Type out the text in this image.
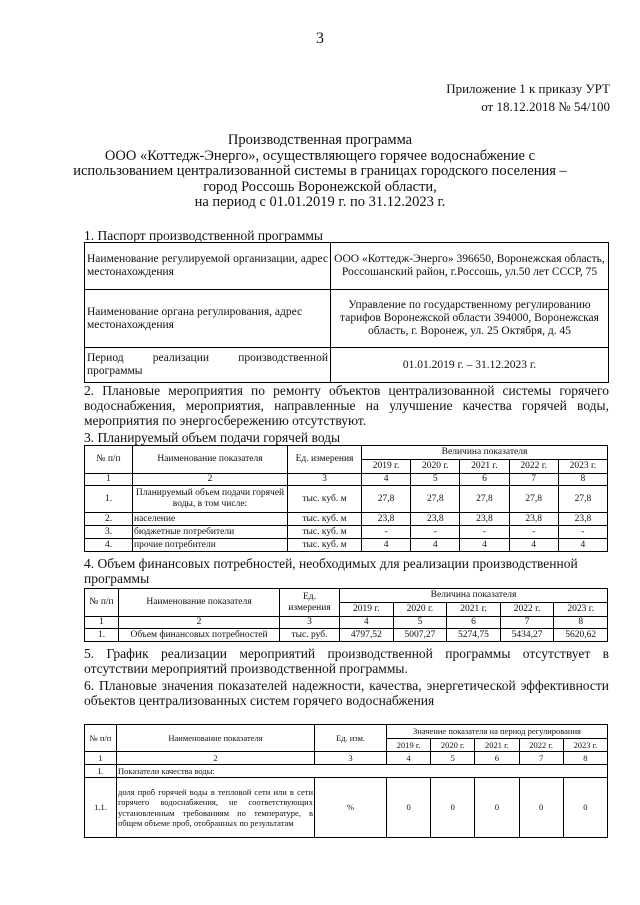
3
Приложение 1 к приказу УРТ
от 18.12.2018 № 54/100
Производственная программа
ООО «Коттедж-Энерго», осуществляющего горячее водоснабжение с
использованием централизованной системы в границах городского поселения –
город Россошь Воронежской области,
на период с 01.01.2019 г. по 31.12.2023 г.
1. Паспорт производственной программы
Наименование регулируемой организации, адрес местонахождения	ООО «Коттедж-Энерго» 396650, Воронежская область, Россошанский район, г.Россошь, ул.50 лет СССР, 75
Наименование органа регулирования, адрес местонахождения	Управление по государственному регулированию тарифов Воронежской области 394000, Воронежская область, г. Воронеж, ул. 25 Октября, д. 45
Период реализации производственной программы	01.01.2019 г. – 31.12.2023 г.
2. Плановые мероприятия по ремонту объектов централизованной системы горячего водоснабжения, мероприятия, направленные на улучшение качества горячей воды, мероприятия по энергосбережению отсутствуют.
3. Планируемый объем подачи горячей воды
№ п/п	Наименование показателя	Ед. измерения	Величина показателя				
			2019 г.	2020 г.	2021 г.	2022 г.	2023 г.
1	2	3	4	5	6	7	8
1.	Планируемый объем подачи горячей воды, в том числе:	тыс. куб. м	27,8	27,8	27,8	27,8	27,8
2.	население	тыс. куб. м	23,8	23,8	23,8	23,8	23,8
3.	бюджетные потребители	тыс. куб. м	-	-	-	-	-
4.	прочие потребители	тыс. куб. м	4	4	4	4	4
4. Объем финансовых потребностей, необходимых для реализации производственной программы
№ п/п	Наименование показателя	Ед. измерения	Величина показателя				
			2019 г.	2020 г.	2021 г.	2022 г.	2023 г.
1	2	3	4	5	6	7	8
1.	Объем финансовых потребностей	тыс. руб.	4797,52	5007,27	5274,75	5434,27	5620,62
5. График реализации мероприятий производственной программы отсутствует в отсутствии мероприятий производственной программы.
6. Плановые значения показателей надежности, качества, энергетической эффективности объектов централизованных систем горячего водоснабжения
№ п/п	Наименование показателя	Ед. изм.	Значение показателя на период регулирования				
			2019 г.	2020 г.	2021 г.	2022 г.	2023 г.
1	2	3	4	5	6	7	8
I.	Показатели качества воды:						
1.1.	доля проб горячей воды в тепловой сети или в сети горячего водоснабжения, не соответствующих установленным требованиям по температуре, в общем объеме проб, отобранных по результатам	%	0	0	0	0	0
